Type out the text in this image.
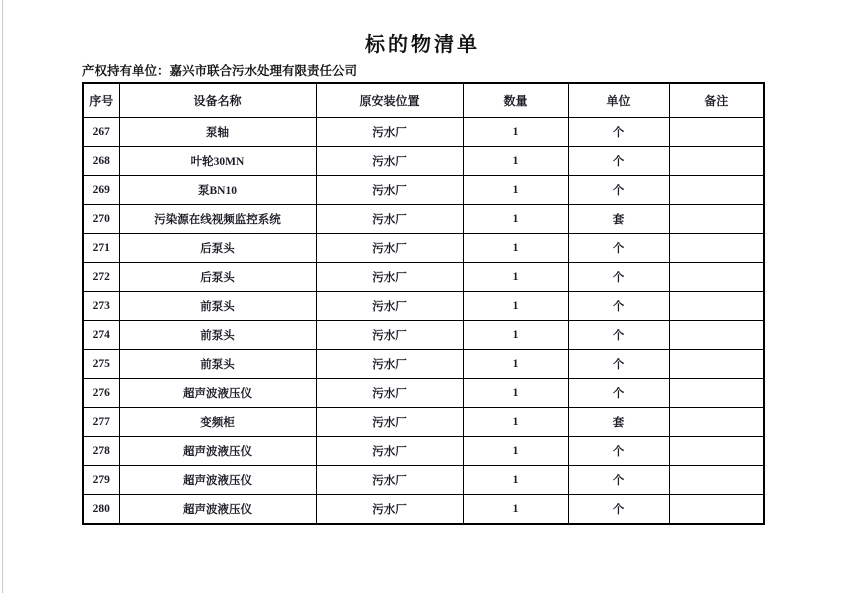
标的物清单
产权持有单位：嘉兴市联合污水处理有限责任公司
序号	设备名称	原安装位置	数量	单位	备注
267	泵轴	污水厂	1	个	
268	叶轮30MN	污水厂	1	个	
269	泵BN10	污水厂	1	个	
270	污染源在线视频监控系统	污水厂	1	套	
271	后泵头	污水厂	1	个	
272	后泵头	污水厂	1	个	
273	前泵头	污水厂	1	个	
274	前泵头	污水厂	1	个	
275	前泵头	污水厂	1	个	
276	超声波液压仪	污水厂	1	个	
277	变频柜	污水厂	1	套	
278	超声波液压仪	污水厂	1	个	
279	超声波液压仪	污水厂	1	个	
280	超声波液压仪	污水厂	1	个	
